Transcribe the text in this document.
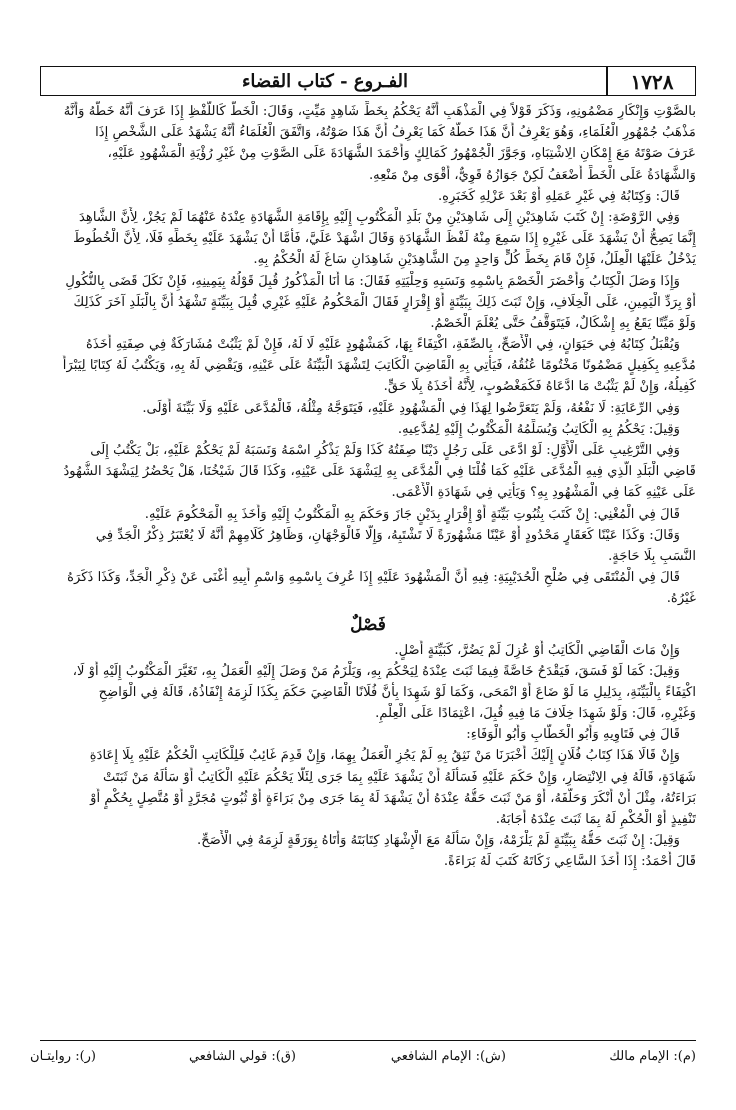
الفـروع - كتاب القضاء	١٧٢٨
بالصَّوْتِ وَإِنْكَارِ مَضْمُونِهِ، وَذَكَرَ قَوْلاً فِي الْمَذْهَبِ أَنَّهُ يَحْكُمُ بِخَطِّ شَاهِدٍ مَيِّتٍ، وَقَالَ: الْخَطُّ كَاللَّفْظِ إِذَا عَرَفَ أَنَّهُ خَطُّهُ وَأَنَّهُ
مَذْهَبُ جُمْهُورِ الْعُلَمَاءِ، وَهُوَ يَعْرِفُ أَنَّ هَذَا خَطُّهُ كَمَا يَعْرِفُ أَنَّ هَذَا صَوْتُهُ، وَاتَّفَقَ الْعُلَمَاءُ أَنَّهُ يَشْهَدُ عَلَى الشَّخْصِ إِذَا
عَرَفَ صَوْتَهُ مَعَ إِمْكَانِ الِاشْتِبَاهِ، وَجَوَّزَ الْجُمْهُورُ كَمَالِكٍ وَأَحْمَدَ الشَّهَادَةَ عَلَى الصَّوْتِ مِنْ غَيْرِ رُؤْيَةِ الْمَشْهُودِ عَلَيْهِ،
وَالشَّهَادَةُ عَلَى الْخَطِّ أَضْعَفُ لَكِنْ جَوَازُهُ قَوِيٌّ، أَقْوَى مِنْ مَنْعِهِ.
قَالَ: وَكِتَابُهُ فِي غَيْرِ عَمَلِهِ أَوْ بَعْدَ عَزْلِهِ كَخَبَرِهِ.
وَفِي الرَّوْضَةِ: إِنْ كَتَبَ شَاهِدَيْنِ إِلَى شَاهِدَيْنِ مِنْ بَلَدِ الْمَكْتُوبِ إِلَيْهِ بِإِقَامَةِ الشَّهَادَةِ عِنْدَهُ عَنْهُمَا لَمْ يَجُزْ، لِأَنَّ الشَّاهِدَ
إِنَّمَا يَصِحُّ أَنْ يَشْهَدَ عَلَى غَيْرِهِ إِذَا سَمِعَ مِنْهُ لَفْظَ الشَّهَادَةِ وَقَالَ اشْهَدْ عَلَيَّ، فَأَمَّا أَنْ يَشْهَدَ عَلَيْهِ بِخَطِّهِ فَلَا، لِأَنَّ الْخُطُوطَ
يَدْخُلُ عَلَيْهَا الْعِلَلُ، فَإِنْ قَامَ بِخَطِّ كُلٍّ وَاحِدٍ مِنَ الشَّاهِدَيْنِ شَاهِدَانِ سَاغَ لَهُ الْحُكْمُ بِهِ.
وَإِذَا وَصَلَ الْكِتَابُ وَأَحْضَرَ الْخَصْمَ بِاسْمِهِ وَنَسَبِهِ وَحِلْيَتِهِ فَقَالَ: مَا أَنَا الْمَذْكُورُ قُبِلَ قَوْلُهُ بِيَمِينِهِ، فَإِنْ نَكَلَ قَضَى بِالنُّكُولِ
أَوْ بِرَدِّ الْيَمِينِ، عَلَى الْخِلَافِ، وَإِنْ ثَبَتَ ذَلِكَ بِبَيِّنَةٍ أَوْ إِقْرَارٍ فَقَالَ الْمَحْكُومُ عَلَيْهِ غَيْرِي قُبِلَ بِبَيِّنَةٍ تَشْهَدُ أَنَّ بِالْبَلَدِ آخَرَ كَذَلِكَ
وَلَوْ مَيِّتًا يَقَعُ بِهِ إِشْكَالٌ، فَيَتَوَقَّفُ حَتَّى يُعْلَمَ الْخَصْمُ.
وَيُقْبَلُ كِتَابُهُ فِي حَيَوَانٍ، فِي الْأَصَحِّ، بِالصِّفَةِ، اكْتِفَاءً بِهَا، كَمَشْهُودٍ عَلَيْهِ لَا لَهُ، فَإِنْ لَمْ يَثْبُتْ مُشَارَكَةٌ فِي صِفَتِهِ أَخَذَهُ
مُدَّعِيهِ بِكَفِيلٍ مَضْمُونًا مَخْتُومًا عُنُقُهُ، فَيَأْتِي بِهِ الْقَاضِيَ الْكَاتِبَ لِتَشْهَدَ الْبَيِّنَةُ عَلَى عَيْنِهِ، وَيَقْضِي لَهُ بِهِ، وَيَكْتُبُ لَهُ كِتَابًا لِيَبْرَأَ
كَفِيلُهُ، وَإِنْ لَمْ يَثْبُتْ مَا ادَّعَاهُ فَكَمَغْصُوبٍ، لِأَنَّهُ أَخَذَهُ بِلَا حَقٍّ.
وَفِي الرِّعَايَةِ: لَا نَفْعُهُ، وَلَمْ يَتَعَرَّضُوا لِهَذَا فِي الْمَشْهُودِ عَلَيْهِ، فَيَتَوَجَّهُ مِثْلُهُ، فَالْمُدَّعَى عَلَيْهِ وَلَا بَيِّنَةَ أَوْلَى.
وَقِيلَ: يَحْكُمُ بِهِ الْكَاتِبُ وَيُسَلِّمُهُ الْمَكْتُوبُ إِلَيْهِ لِمُدَّعِيهِ.
وَفِي التَّرْغِيبِ عَلَى الْأَوَّلِ: لَوْ ادَّعَى عَلَى رَجُلٍ دَيْنًا صِفَتُهُ كَذَا وَلَمْ يَذْكُرِ اسْمَهُ وَنَسَبَهُ لَمْ يَحْكُمْ عَلَيْهِ، بَلْ يَكْتُبُ إِلَى
قَاضِي الْبَلَدِ الَّذِي فِيهِ الْمُدَّعَى عَلَيْهِ كَمَا قُلْنَا فِي الْمُدَّعَى بِهِ لِيَشْهَدَ عَلَى عَيْنِهِ، وَكَذَا قَالَ شَيْخُنَا، هَلْ يَحْضُرُ لِيَشْهَدَ الشُّهُودُ
عَلَى عَيْنِهِ كَمَا فِي الْمَشْهُودِ بِهِ؟ وَيَأْتِي فِي شَهَادَةِ الْأَعْمَى.
قَالَ فِي الْمُغْنِي: إِنْ كَتَبَ بِثُبُوتِ بَيِّنَةٍ أَوْ إِقْرَارٍ بِدَيْنٍ جَازَ وَحَكَمَ بِهِ الْمَكْتُوبُ إِلَيْهِ وَأَخَذَ بِهِ الْمَحْكُومَ عَلَيْهِ.
وَقَالَ: وَكَذَا عَيْنًا كَعَقَارٍ مَحْدُودٍ أَوْ عَيْنًا مَشْهُورَةً لَا تَشْتَبِهُ، وَإِلَّا فَالْوَجْهَانِ، وَظَاهِرُ كَلَامِهِمْ أَنَّهُ لَا يُعْتَبَرُ ذِكْرُ الْجَدِّ فِي
النَّسَبِ بِلَا حَاجَةٍ.
قَالَ فِي الْمُنْتَقَى فِي صُلْحِ الْحُدَيْبِيَةِ: فِيهِ أَنَّ الْمَشْهُودَ عَلَيْهِ إِذَا عُرِفَ بِاسْمِهِ وَاسْمِ أَبِيهِ أَغْنَى عَنْ ذِكْرِ الْجَدِّ، وَكَذَا ذَكَرَهُ
غَيْرُهُ.
فَصْلٌ
وَإِنْ مَاتَ الْقَاضِي الْكَاتِبُ أَوْ عُزِلَ لَمْ يَضُرَّ، كَبَيِّنَةٍ أَصْلٍ.
وَقِيلَ: كَمَا لَوْ فَسَقَ، فَيَقْدَحُ خَاصَّةً فِيمَا ثَبَتَ عِنْدَهُ لِيَحْكُمَ بِهِ، وَيَلْزَمُ مَنْ وَصَلَ إِلَيْهِ الْعَمَلُ بِهِ، تَغَيَّرَ الْمَكْتُوبُ إِلَيْهِ أَوْ لَا،
اكْتِفَاءً بِالْبَيِّنَةِ، بِدَلِيلِ مَا لَوْ ضَاعَ أَوْ انْمَحَى، وَكَمَا لَوْ شَهِدَا بِأَنَّ فُلَانًا الْقَاضِيَ حَكَمَ بِكَذَا لَزِمَهُ إِنْفَاذُهُ، قَالَهُ فِي الْوَاضِحِ
وَغَيْرِهِ، قَالَ: وَلَوْ شَهِدَا خِلَافَ مَا فِيهِ قُبِلَ، اعْتِمَادًا عَلَى الْعِلْمِ.
قَالَ فِي فَتَاوِيهِ وَأَبُو الْخَطَّابِ وَأَبُو الْوَفَاءِ:
وَإِنْ قَالَا هَذَا كِتَابُ فُلَانٍ إِلَيْكَ أَخْبَرَنَا مَنْ نَثِقُ بِهِ لَمْ يَجُزِ الْعَمَلُ بِهِمَا، وَإِنْ قَدِمَ غَائِبٌ فَلِلْكَاتِبِ الْحُكْمُ عَلَيْهِ بِلَا إِعَادَةِ
شَهَادَةٍ، قَالَهُ فِي الِانْتِصَارِ، وَإِنْ حَكَمَ عَلَيْهِ فَسَأَلَهُ أَنْ يَشْهَدَ عَلَيْهِ بِمَا جَرَى لِئَلَّا يَحْكُمَ عَلَيْهِ الْكَاتِبُ أَوْ سَأَلَهُ مَنْ ثَبَتَتْ
بَرَاءَتُهُ، مِثْلَ أَنْ أَنْكَرَ وَحَلَّفَهُ، أَوْ مَنْ ثَبَتَ حَقُّهُ عِنْدَهُ أَنْ يَشْهَدَ لَهُ بِمَا جَرَى مِنْ بَرَاءَةٍ أَوْ ثُبُوتٍ مُجَرَّدٍ أَوْ مُتَّصِلٍ بِحُكْمٍ أَوْ
تَنْفِيذٍ أَوْ الْحُكْمِ لَهُ بِمَا ثَبَتَ عِنْدَهُ أَجَابَهُ.
وَقِيلَ: إِنْ ثَبَتَ حَقُّهُ بِبَيِّنَةٍ لَمْ يَلْزَمْهُ، وَإِنْ سَأَلَهُ مَعَ الْإِشْهَادِ كِتَابَتَهُ وَأَتَاهُ بِوَرَقَةٍ لَزِمَهُ فِي الْأَصَحِّ.
قَالَ أَحْمَدُ: إِذَا أَخَذَ السَّاعِي زَكَاتَهُ كَتَبَ لَهُ بَرَاءَةً.
(م): الإمام مالك
(ش): الإمام الشافعي
(ق): قولي الشافعي
(ر): روايتـان
